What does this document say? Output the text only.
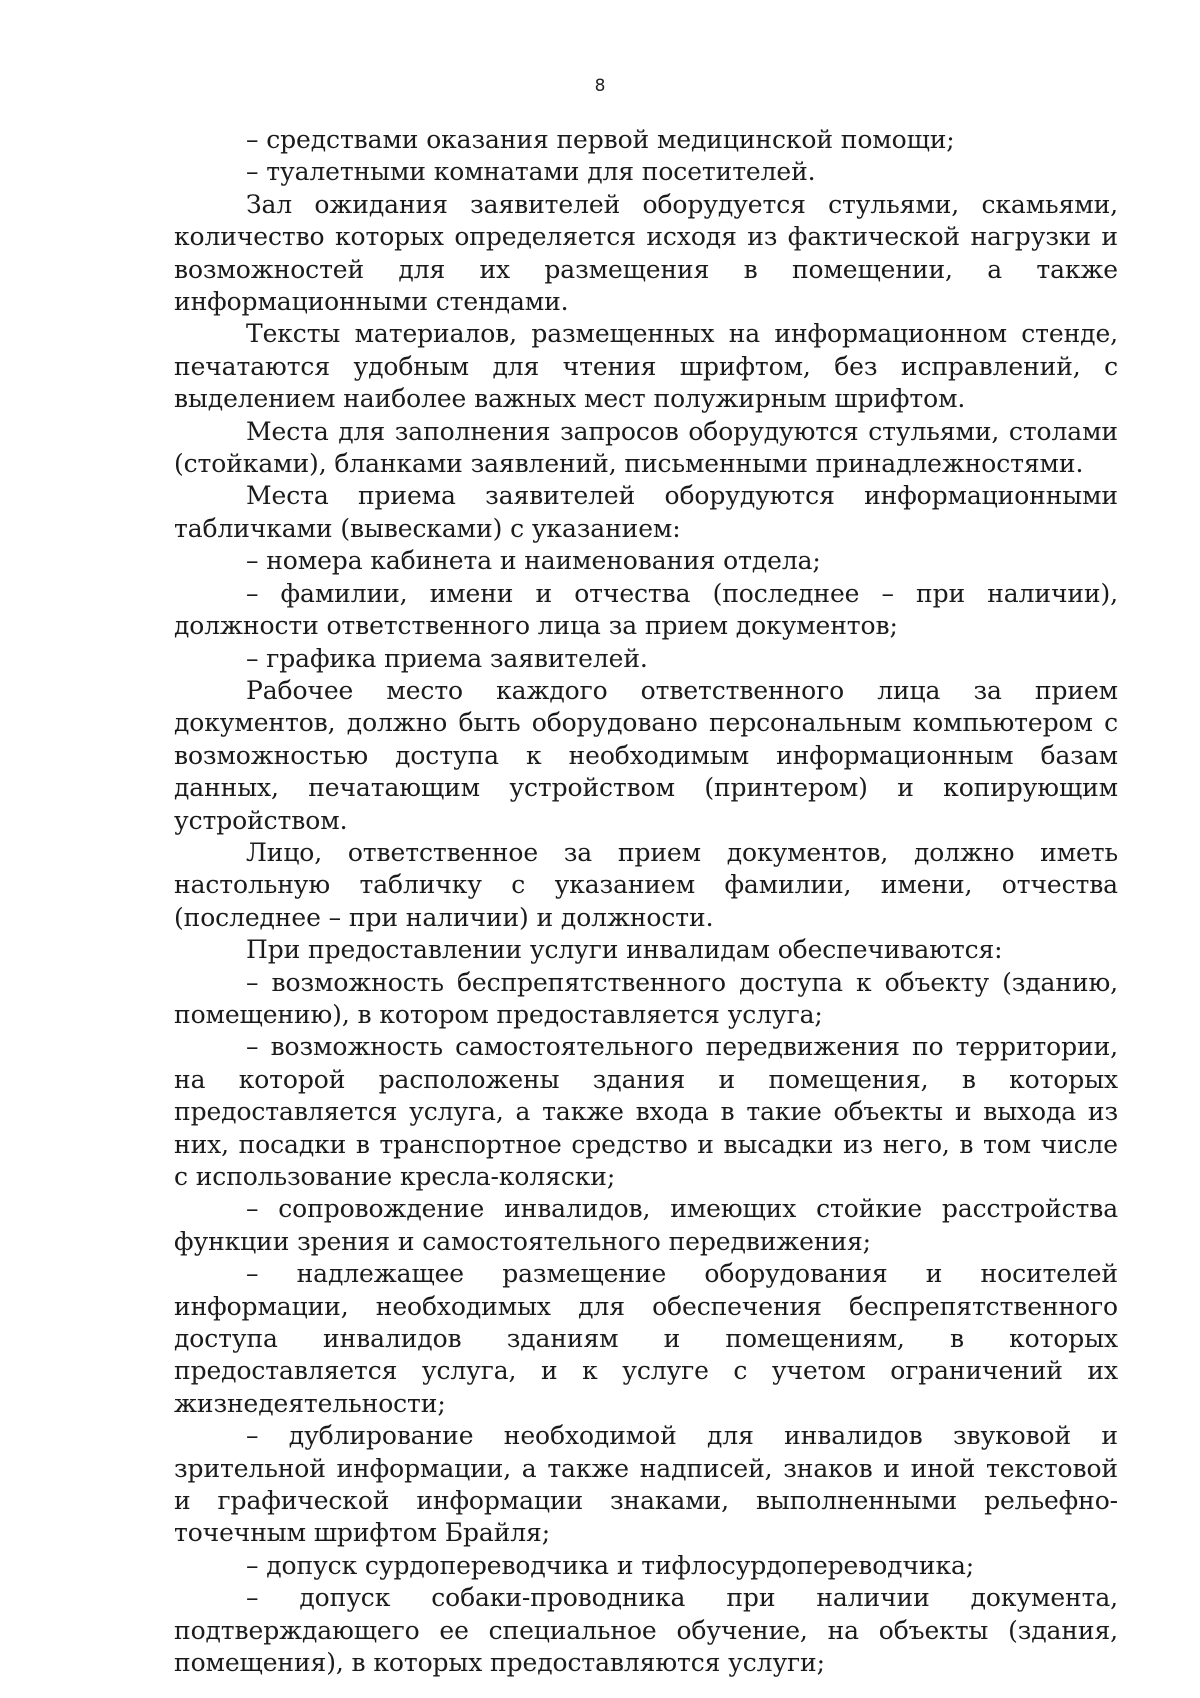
8

– средствами оказания первой медицинской помощи;

– туалетными комнатами для посетителей.

Зал ожидания заявителей оборудуется стульями, скамьями, количество которых определяется исходя из фактической нагрузки и возможностей для их размещения в помещении, а также информационными стендами.

Тексты материалов, размещенных на информационном стенде, печатаются удобным для чтения шрифтом, без исправлений, с выделением наиболее важных мест полужирным шрифтом.

Места для заполнения запросов оборудуются стульями, столами (стойками), бланками заявлений, письменными принадлежностями.

Места приема заявителей оборудуются информационными табличками (вывесками) с указанием:

– номера кабинета и наименования отдела;

– фамилии, имени и отчества (последнее – при наличии), должности ответственного лица за прием документов;

– графика приема заявителей.

Рабочее место каждого ответственного лица за прием документов, должно быть оборудовано персональным компьютером с возможностью доступа к необходимым информационным базам данных, печатающим устройством (принтером) и копирующим устройством.

Лицо, ответственное за прием документов, должно иметь настольную табличку с указанием фамилии, имени, отчества (последнее – при наличии) и должности.

При предоставлении услуги инвалидам обеспечиваются:

– возможность беспрепятственного доступа к объекту (зданию, помещению), в котором предоставляется услуга;

– возможность самостоятельного передвижения по территории, на которой расположены здания и помещения, в которых предоставляется услуга, а также входа в такие объекты и выхода из них, посадки в транспортное средство и высадки из него, в том числе с использование кресла-коляски;

– сопровождение инвалидов, имеющих стойкие расстройства функции зрения и самостоятельного передвижения;

– надлежащее размещение оборудования и носителей информации, необходимых для обеспечения беспрепятственного доступа инвалидов зданиям и помещениям, в которых предоставляется услуга, и к услуге с учетом ограничений их жизнедеятельности;

– дублирование необходимой для инвалидов звуковой и зрительной информации, а также надписей, знаков и иной текстовой и графической информации знаками, выполненными рельефно-точечным шрифтом Брайля;

– допуск сурдопереводчика и тифлосурдопереводчика;

– допуск собаки-проводника при наличии документа, подтверждающего ее специальное обучение, на объекты (здания, помещения), в которых предоставляются услуги;
